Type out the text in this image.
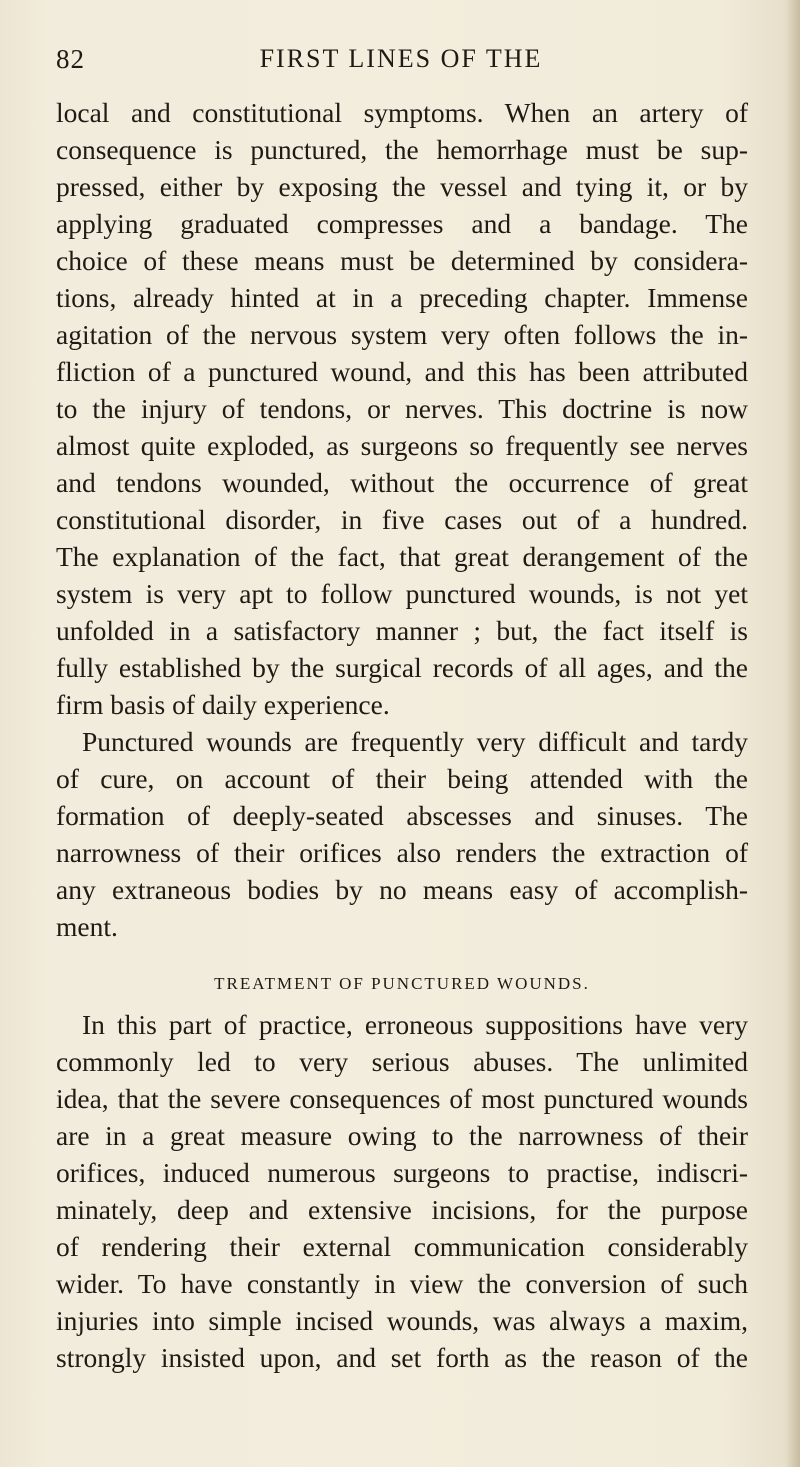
82	FIRST LINES OF THE
local and constitutional symptoms. When an artery of
consequence is punctured, the hemorrhage must be sup-
pressed, either by exposing the vessel and tying it, or by
applying graduated compresses and a bandage. The
choice of these means must be determined by considera-
tions, already hinted at in a preceding chapter. Immense
agitation of the nervous system very often follows the in-
fliction of a punctured wound, and this has been attributed
to the injury of tendons, or nerves. This doctrine is now
almost quite exploded, as surgeons so frequently see nerves
and tendons wounded, without the occurrence of great
constitutional disorder, in five cases out of a hundred.
The explanation of the fact, that great derangement of the
system is very apt to follow punctured wounds, is not yet
unfolded in a satisfactory manner ; but, the fact itself is
fully established by the surgical records of all ages, and the
firm basis of daily experience.
Punctured wounds are frequently very difficult and tardy
of cure, on account of their being attended with the
formation of deeply-seated abscesses and sinuses. The
narrowness of their orifices also renders the extraction of
any extraneous bodies by no means easy of accomplish-
ment.
TREATMENT OF PUNCTURED WOUNDS.
In this part of practice, erroneous suppositions have very
commonly led to very serious abuses. The unlimited
idea, that the severe consequences of most punctured wounds
are in a great measure owing to the narrowness of their
orifices, induced numerous surgeons to practise, indiscri-
minately, deep and extensive incisions, for the purpose
of rendering their external communication considerably
wider. To have constantly in view the conversion of such
injuries into simple incised wounds, was always a maxim,
strongly insisted upon, and set forth as the reason of the
